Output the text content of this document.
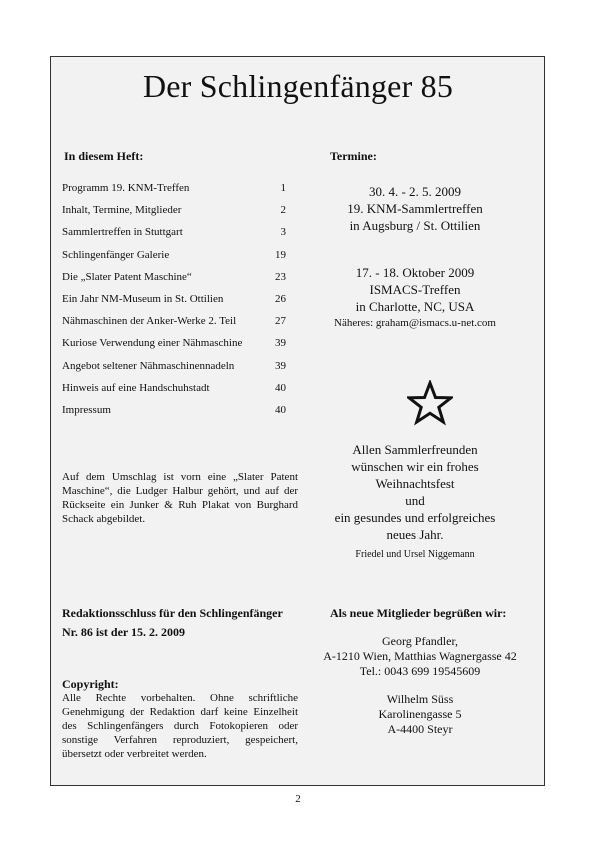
Der Schlingenfänger 85
In diesem Heft:
Programm 19. KNM-Treffen	1
Inhalt, Termine, Mitglieder	2
Sammlertreffen in Stuttgart	3
Schlingenfänger Galerie	19
Die „Slater Patent Maschine“	23
Ein Jahr NM-Museum in St. Ottilien	26
Nähmaschinen der Anker-Werke 2. Teil	27
Kuriose Verwendung einer Nähmaschine	39
Angebot seltener Nähmaschinennadeln	39
Hinweis auf eine Handschuhstadt	40
Impressum	40
Auf dem Umschlag ist vorn eine „Slater Patent Maschine“, die Ludger Halbur gehört, und auf der Rückseite ein Junker & Ruh Plakat von Burghard Schack abgebildet.
Redaktionsschluss für den Schlingenfänger
Nr. 86 ist der 15. 2. 2009
Copyright:
Alle Rechte vorbehalten. Ohne schriftliche Genehmigung der Redaktion darf keine Einzelheit des Schlingenfängers durch Fotokopieren oder sonstige Verfahren reproduziert, gespeichert, übersetzt oder verbreitet werden.
Termine:
30. 4. - 2. 5. 2009
19. KNM-Sammlertreffen
in Augsburg / St. Ottilien
17. - 18. Oktober 2009
ISMACS-Treffen
in Charlotte, NC, USA
Näheres: graham@ismacs.u-net.com
Allen Sammlerfreunden
wünschen wir ein frohes
Weihnachtsfest
und
ein gesundes und erfolgreiches
neues Jahr.
Friedel und Ursel Niggemann
Als neue Mitglieder begrüßen wir:
Georg Pfandler,
A-1210 Wien, Matthias Wagnergasse 42
Tel.: 0043 699 19545609
Wilhelm Süss
Karolinengasse 5
A-4400 Steyr
2
